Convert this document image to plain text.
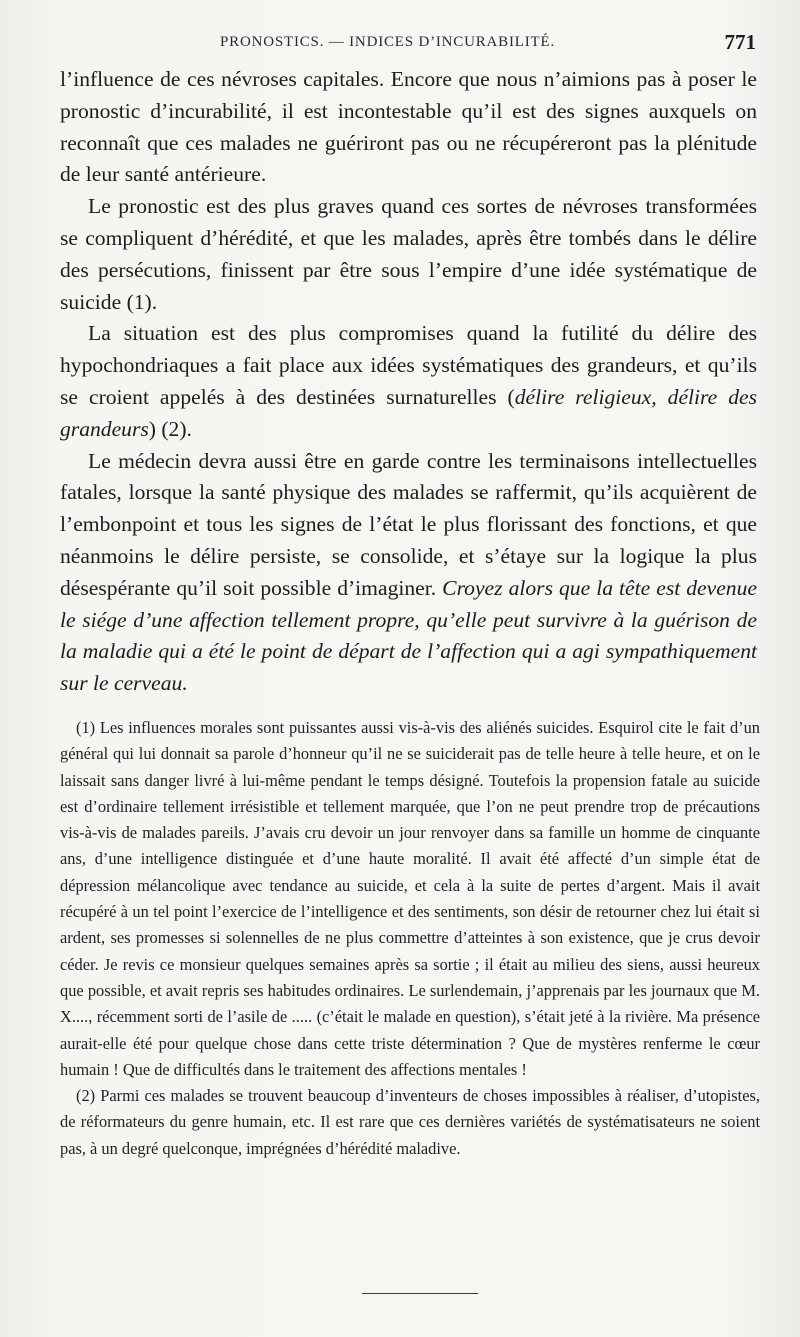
PRONOSTICS. — INDICES D’INCURABILITÉ.	771

l’influence de ces névroses capitales. Encore que nous n’aimions pas à poser le pronostic d’incurabilité, il est incontestable qu’il est des signes auxquels on reconnaît que ces malades ne guériront pas ou ne récupéreront pas la plénitude de leur santé antérieure.

Le pronostic est des plus graves quand ces sortes de névroses transformées se compliquent d’hérédité, et que les malades, après être tombés dans le délire des persécutions, finissent par être sous l’empire d’une idée systématique de suicide (1).

La situation est des plus compromises quand la futilité du délire des hypochondriaques a fait place aux idées systématiques des grandeurs, et qu’ils se croient appelés à des destinées surnaturelles (délire religieux, délire des grandeurs) (2).

Le médecin devra aussi être en garde contre les terminaisons intellectuelles fatales, lorsque la santé physique des malades se raffermit, qu’ils acquièrent de l’embonpoint et tous les signes de l’état le plus florissant des fonctions, et que néanmoins le délire persiste, se consolide, et s’étaye sur la logique la plus désespérante qu’il soit possible d’imaginer. Croyez alors que la tête est devenue le siége d’une affection tellement propre, qu’elle peut survivre à la guérison de la maladie qui a été le point de départ de l’affection qui a agi sympathiquement sur le cerveau.

(1) Les influences morales sont puissantes aussi vis-à-vis des aliénés suicides. Esquirol cite le fait d’un général qui lui donnait sa parole d’honneur qu’il ne se suiciderait pas de telle heure à telle heure, et on le laissait sans danger livré à lui-même pendant le temps désigné. Toutefois la propension fatale au suicide est d’ordinaire tellement irrésistible et tellement marquée, que l’on ne peut prendre trop de précautions vis-à-vis de malades pareils. J’avais cru devoir un jour renvoyer dans sa famille un homme de cinquante ans, d’une intelligence distinguée et d’une haute moralité. Il avait été affecté d’un simple état de dépression mélancolique avec tendance au suicide, et cela à la suite de pertes d’argent. Mais il avait récupéré à un tel point l’exercice de l’intelligence et des sentiments, son désir de retourner chez lui était si ardent, ses promesses si solennelles de ne plus commettre d’atteintes à son existence, que je crus devoir céder. Je revis ce monsieur quelques semaines après sa sortie ; il était au milieu des siens, aussi heureux que possible, et avait repris ses habitudes ordinaires. Le surlendemain, j’apprenais par les journaux que M. X...., récemment sorti de l’asile de ..... (c’était le malade en question), s’était jeté à la rivière. Ma présence aurait-elle été pour quelque chose dans cette triste détermination ? Que de mystères renferme le cœur humain ! Que de difficultés dans le traitement des affections mentales !

(2) Parmi ces malades se trouvent beaucoup d’inventeurs de choses impossibles à réaliser, d’utopistes, de réformateurs du genre humain, etc. Il est rare que ces dernières variétés de systématisateurs ne soient pas, à un degré quelconque, imprégnées d’hérédité maladive.
